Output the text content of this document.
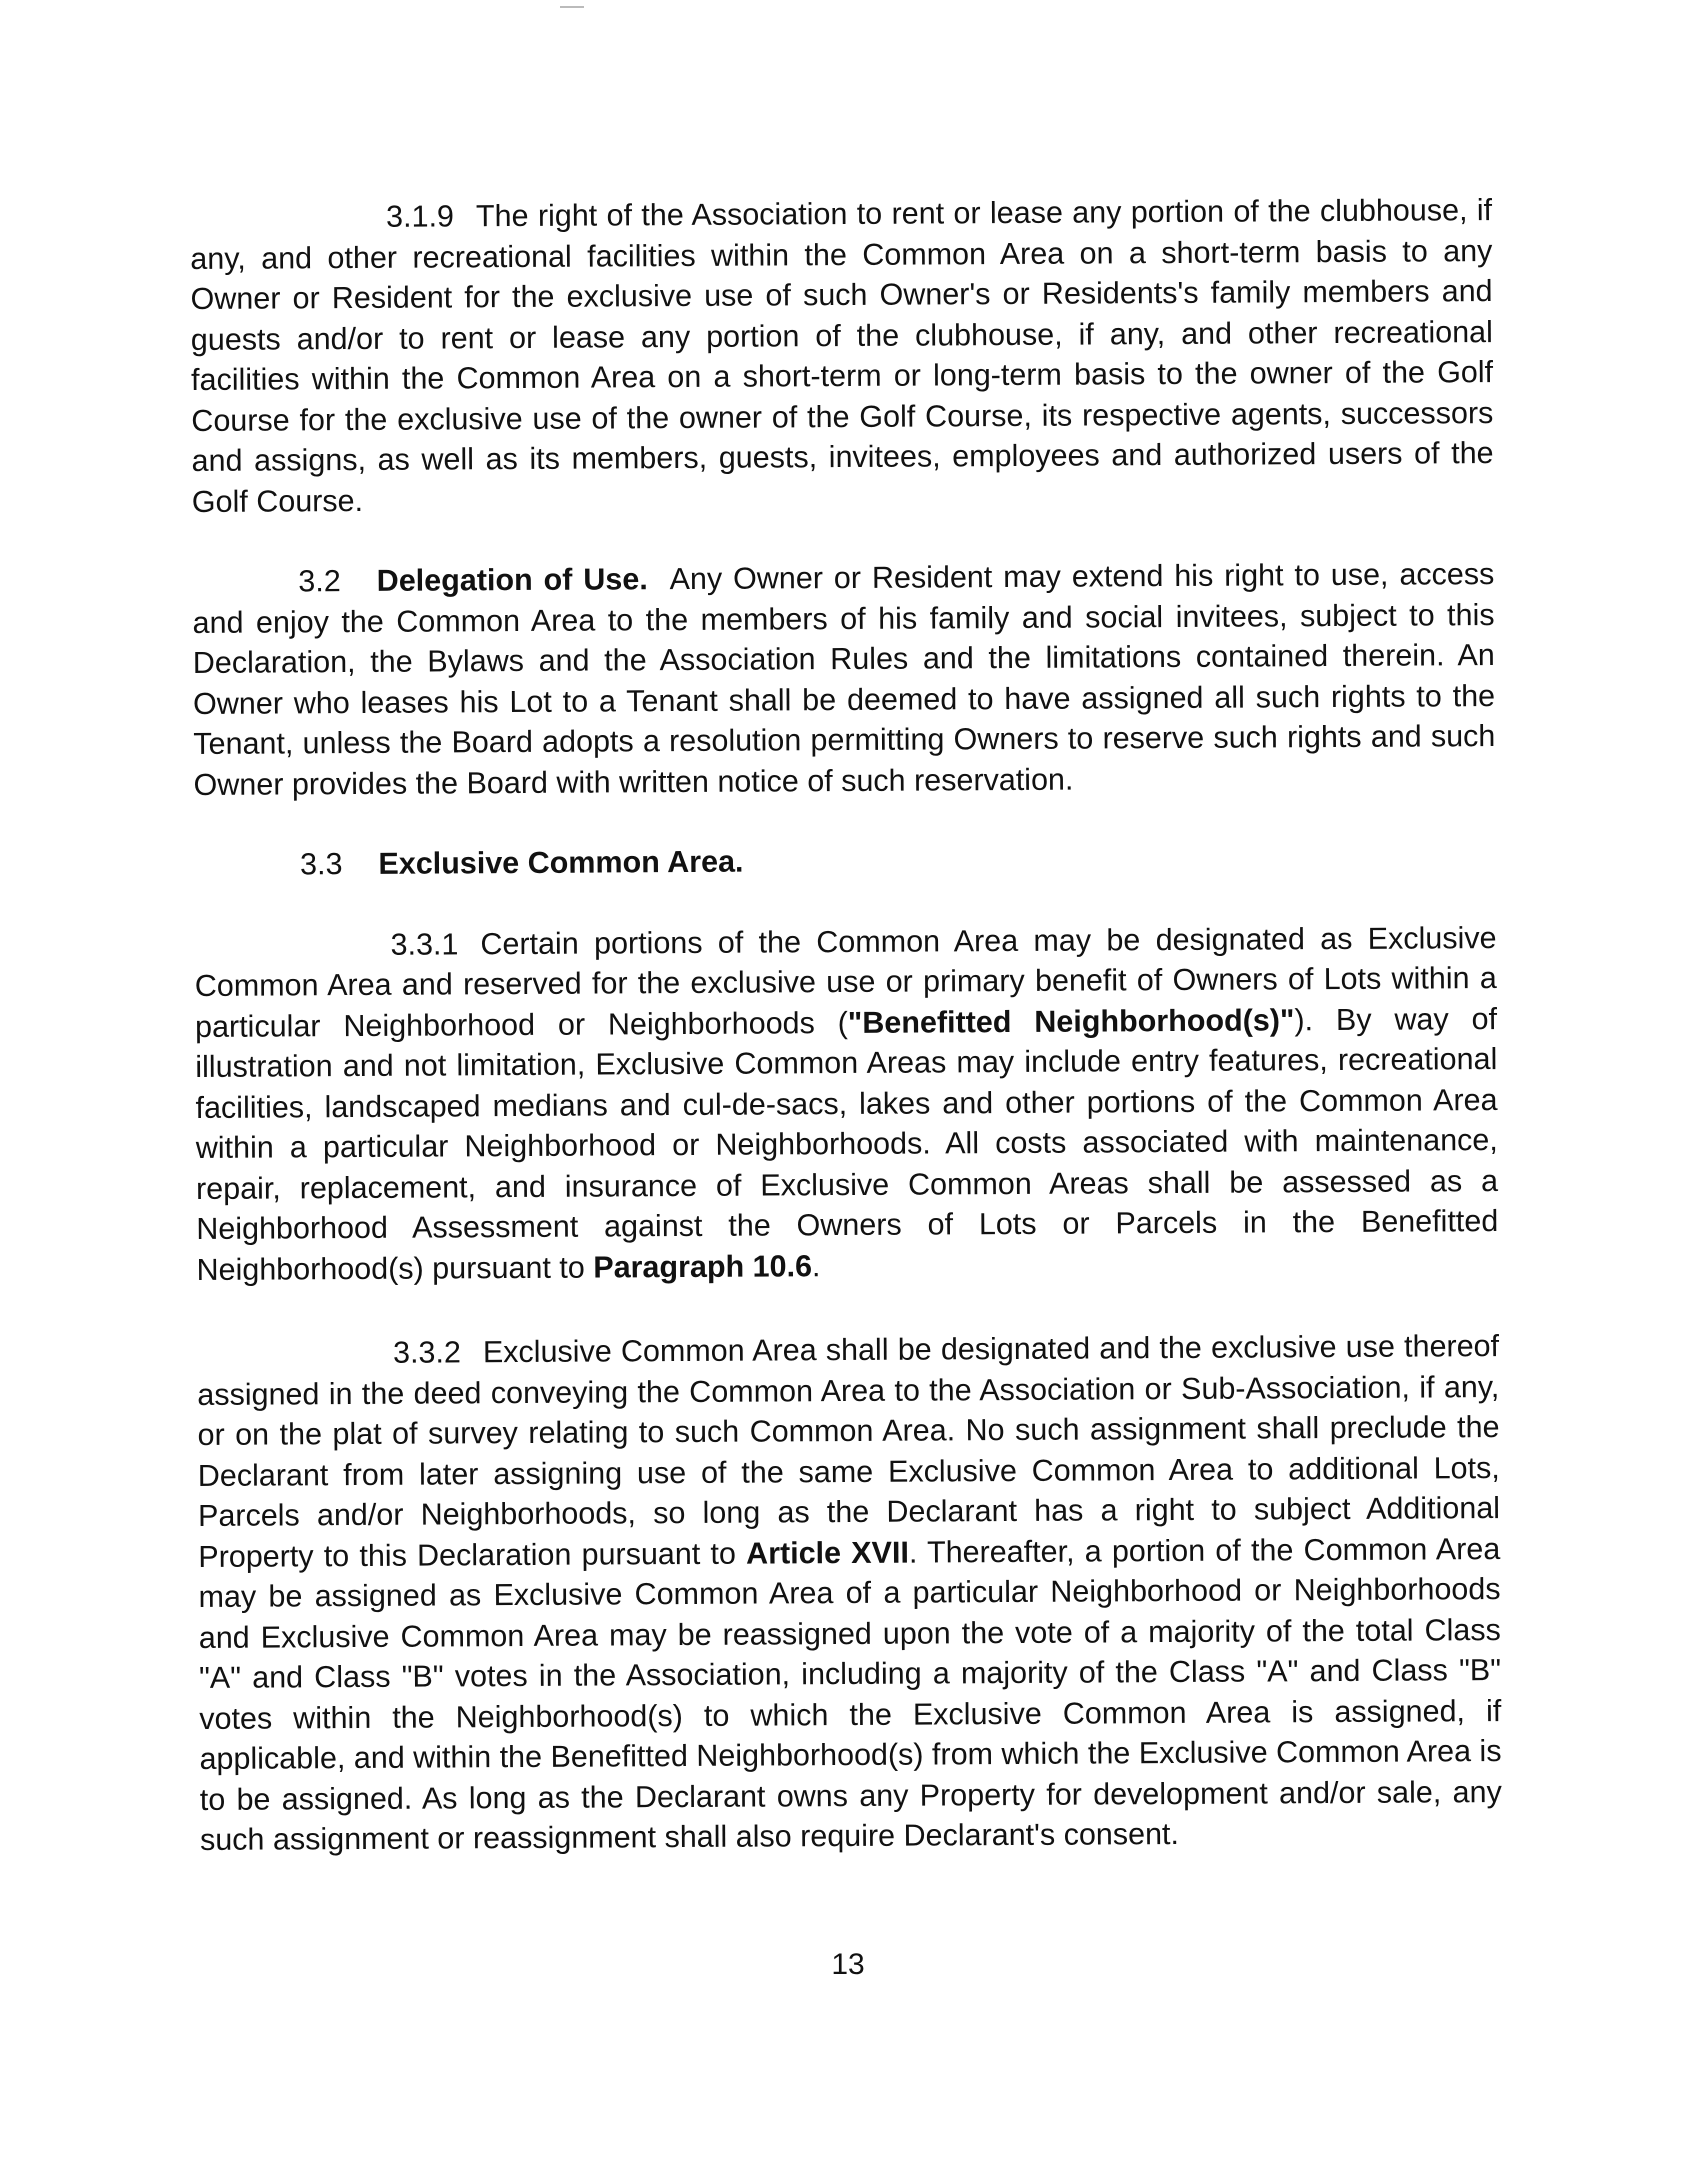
3.1.9 The right of the Association to rent or lease any portion of the clubhouse, if any, and other recreational facilities within the Common Area on a short-term basis to any Owner or Resident for the exclusive use of such Owner's or Residents's family members and guests and/or to rent or lease any portion of the clubhouse, if any, and other recreational facilities within the Common Area on a short-term or long-term basis to the owner of the Golf Course for the exclusive use of the owner of the Golf Course, its respective agents, successors and assigns, as well as its members, guests, invitees, employees and authorized users of the Golf Course.

3.2 Delegation of Use. Any Owner or Resident may extend his right to use, access and enjoy the Common Area to the members of his family and social invitees, subject to this Declaration, the Bylaws and the Association Rules and the limitations contained therein. An Owner who leases his Lot to a Tenant shall be deemed to have assigned all such rights to the Tenant, unless the Board adopts a resolution permitting Owners to reserve such rights and such Owner provides the Board with written notice of such reservation.

3.3 Exclusive Common Area.

3.3.1 Certain portions of the Common Area may be designated as Exclusive Common Area and reserved for the exclusive use or primary benefit of Owners of Lots within a particular Neighborhood or Neighborhoods ("Benefitted Neighborhood(s)"). By way of illustration and not limitation, Exclusive Common Areas may include entry features, recreational facilities, landscaped medians and cul-de-sacs, lakes and other portions of the Common Area within a particular Neighborhood or Neighborhoods. All costs associated with maintenance, repair, replacement, and insurance of Exclusive Common Areas shall be assessed as a Neighborhood Assessment against the Owners of Lots or Parcels in the Benefitted Neighborhood(s) pursuant to Paragraph 10.6.

3.3.2 Exclusive Common Area shall be designated and the exclusive use thereof assigned in the deed conveying the Common Area to the Association or Sub-Association, if any, or on the plat of survey relating to such Common Area. No such assignment shall preclude the Declarant from later assigning use of the same Exclusive Common Area to additional Lots, Parcels and/or Neighborhoods, so long as the Declarant has a right to subject Additional Property to this Declaration pursuant to Article XVII. Thereafter, a portion of the Common Area may be assigned as Exclusive Common Area of a particular Neighborhood or Neighborhoods and Exclusive Common Area may be reassigned upon the vote of a majority of the total Class "A" and Class "B" votes in the Association, including a majority of the Class "A" and Class "B" votes within the Neighborhood(s) to which the Exclusive Common Area is assigned, if applicable, and within the Benefitted Neighborhood(s) from which the Exclusive Common Area is to be assigned. As long as the Declarant owns any Property for development and/or sale, any such assignment or reassignment shall also require Declarant's consent.

13
